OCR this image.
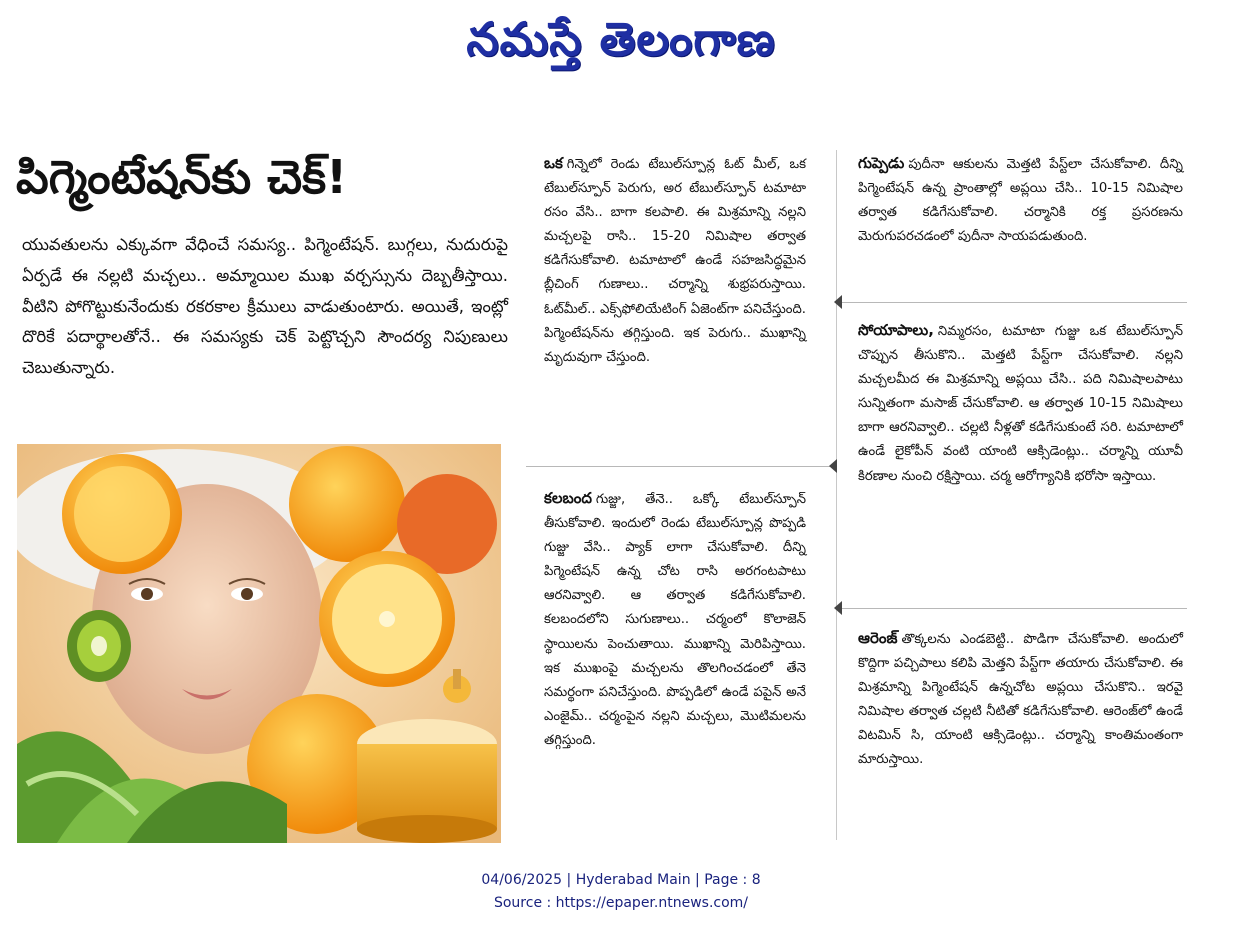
నమస్తే తెలంగాణ
పిగ్మెంటేషన్‌కు చెక్!

యువతులను ఎక్కువగా వేధించే సమస్య.. పిగ్మెంటేషన్. బుగ్గలు, నుదురుపై ఏర్పడే ఈ నల్లటి మచ్చలు.. అమ్మాయిల ముఖ వర్చస్సును దెబ్బతీస్తాయి. వీటిని పోగొట్టుకునేందుకు రకరకాల క్రీములు వాడుతుంటారు. అయితే, ఇంట్లో దొరికే పదార్థాలతోనే.. ఈ సమస్యకు చెక్ పెట్టొచ్చని సౌందర్య నిపుణులు చెబుతున్నారు.

ఒక గిన్నెలో రెండు టేబుల్‌స్పూన్ల ఓట్‌ మీల్, ఒక టేబుల్‌స్పూన్ పెరుగు, అర టేబుల్‌స్పూన్ టమాటా రసం వేసి.. బాగా కలపాలి. ఈ మిశ్రమాన్ని నల్లని మచ్చలపై రాసి.. 15-20 నిమిషాల తర్వాత కడిగేసుకోవాలి. టమాటాలో ఉండే సహజసిద్ధమైన బ్లీచింగ్ గుణాలు.. చర్మాన్ని శుభ్రపరుస్తాయి. ఓట్‌మీల్.. ఎక్స్‌ఫోలియేటింగ్ ఏజెంట్‌గా పనిచేస్తుంది. పిగ్మెంటేషన్‌ను తగ్గిస్తుంది. ఇక పెరుగు.. ముఖాన్ని మృదువుగా చేస్తుంది.

కలబంద గుజ్జు, తేనె.. ఒక్కో టేబుల్‌స్పూన్ తీసుకోవాలి. ఇందులో రెండు టేబుల్‌స్పూన్ల పొప్పడి గుజ్జు వేసి.. ప్యాక్ లాగా చేసుకోవాలి. దీన్ని పిగ్మెంటేషన్ ఉన్న చోట రాసి అరగంటపాటు ఆరనివ్వాలి. ఆ తర్వాత కడిగేసుకోవాలి. కలబందలోని సుగుణాలు.. చర్మంలో కొలాజెన్ స్థాయిలను పెంచుతాయి. ముఖాన్ని మెరిపిస్తాయి. ఇక ముఖంపై మచ్చలను తొలగించడంలో తేనె సమర్థంగా పనిచేస్తుంది. పొప్పడిలో ఉండే పపైన్ అనే ఎంజైమ్.. చర్మంపైన నల్లని మచ్చలు, మొటిమలను తగ్గిస్తుంది.

గుప్పెడు పుదీనా ఆకులను మెత్తటి పేస్ట్‌లా చేసుకోవాలి. దీన్ని పిగ్మెంటేషన్ ఉన్న ప్రాంతాల్లో అప్లయి చేసి.. 10-15 నిమిషాల తర్వాత కడిగేసుకోవాలి. చర్మానికి రక్త ప్రసరణను మెరుగుపరచడంలో పుదీనా సాయపడుతుంది.

సోయాపాలు, నిమ్మరసం, టమాటా గుజ్జు ఒక టేబుల్‌స్పూన్ చొప్పున తీసుకొని.. మెత్తటి పేస్ట్‌గా చేసుకోవాలి. నల్లని మచ్చలమీద ఈ మిశ్రమాన్ని అప్లయి చేసి.. పది నిమిషాలపాటు సున్నితంగా మసాజ్ చేసుకోవాలి. ఆ తర్వాత 10-15 నిమిషాలు బాగా ఆరనివ్వాలి.. చల్లటి నీళ్లతో కడిగేసుకుంటే సరి. టమాటాలో ఉండే లైకోపీన్ వంటి యాంటి ఆక్సిడెంట్లు.. చర్మాన్ని యూవీ కిరణాల నుంచి రక్షిస్తాయి. చర్మ ఆరోగ్యానికి భరోసా ఇస్తాయి.

ఆరెంజ్ తొక్కలను ఎండబెట్టి.. పొడిగా చేసుకోవాలి. అందులో కొద్దిగా పచ్చిపాలు కలిపి మెత్తని పేస్ట్‌గా తయారు చేసుకోవాలి. ఈ మిశ్రమాన్ని పిగ్మెంటేషన్ ఉన్నచోట అప్లయి చేసుకొని.. ఇరవై నిమిషాల తర్వాత చల్లటి నీటితో కడిగేసుకోవాలి. ఆరెంజ్‌లో ఉండే విటమిన్ సి, యాంటి ఆక్సిడెంట్లు.. చర్మాన్ని కాంతిమంతంగా మారుస్తాయి.

04/06/2025 | Hyderabad Main | Page : 8
Source : https://epaper.ntnews.com/
